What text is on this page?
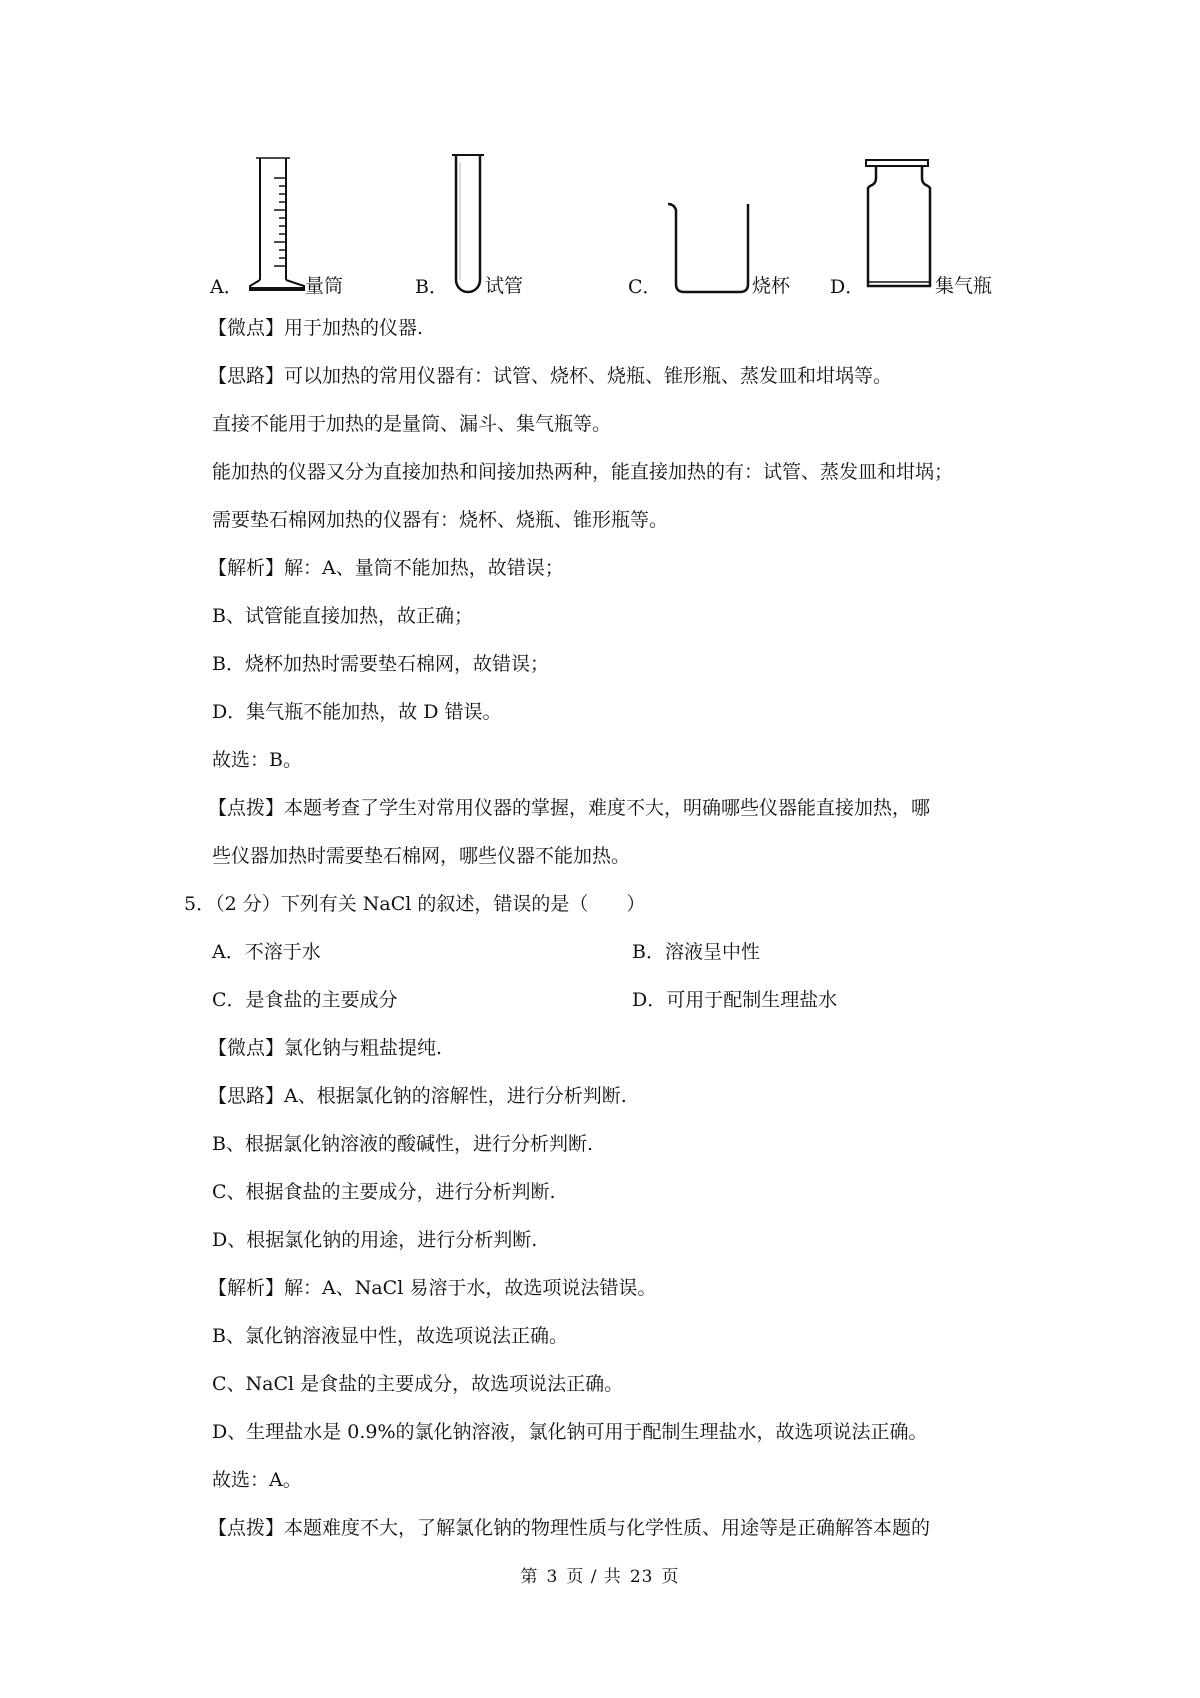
A．	量筒	B． 试管	C．	烧杯 D．	集气瓶
【微点】用于加热的仪器.
【思路】可以加热的常用仪器有：试管、烧杯、烧瓶、锥形瓶、蒸发皿和坩埚等。
直接不能用于加热的是量筒、漏斗、集气瓶等。
能加热的仪器又分为直接加热和间接加热两种，能直接加热的有：试管、蒸发皿和坩埚；
需要垫石棉网加热的仪器有：烧杯、烧瓶、锥形瓶等。
【解析】解：A、量筒不能加热，故错误；
B、试管能直接加热，故正确；
B．烧杯加热时需要垫石棉网，故错误；
D．集气瓶不能加热，故 D 错误。
故选：B。
【点拨】本题考查了学生对常用仪器的掌握，难度不大，明确哪些仪器能直接加热，哪
些仪器加热时需要垫石棉网，哪些仪器不能加热。
5．（2 分）下列有关 NaCl 的叙述，错误的是（　　）
A．不溶于水	B．溶液呈中性
C．是食盐的主要成分	D．可用于配制生理盐水
【微点】氯化钠与粗盐提纯.
【思路】A、根据氯化钠的溶解性，进行分析判断.
B、根据氯化钠溶液的酸碱性，进行分析判断.
C、根据食盐的主要成分，进行分析判断.
D、根据氯化钠的用途，进行分析判断.
【解析】解：A、NaCl 易溶于水，故选项说法错误。
B、氯化钠溶液显中性，故选项说法正确。
C、NaCl 是食盐的主要成分，故选项说法正确。
D、生理盐水是 0.9%的氯化钠溶液，氯化钠可用于配制生理盐水，故选项说法正确。
故选：A。
【点拨】本题难度不大，了解氯化钠的物理性质与化学性质、用途等是正确解答本题的
第 3 页 / 共 23 页
